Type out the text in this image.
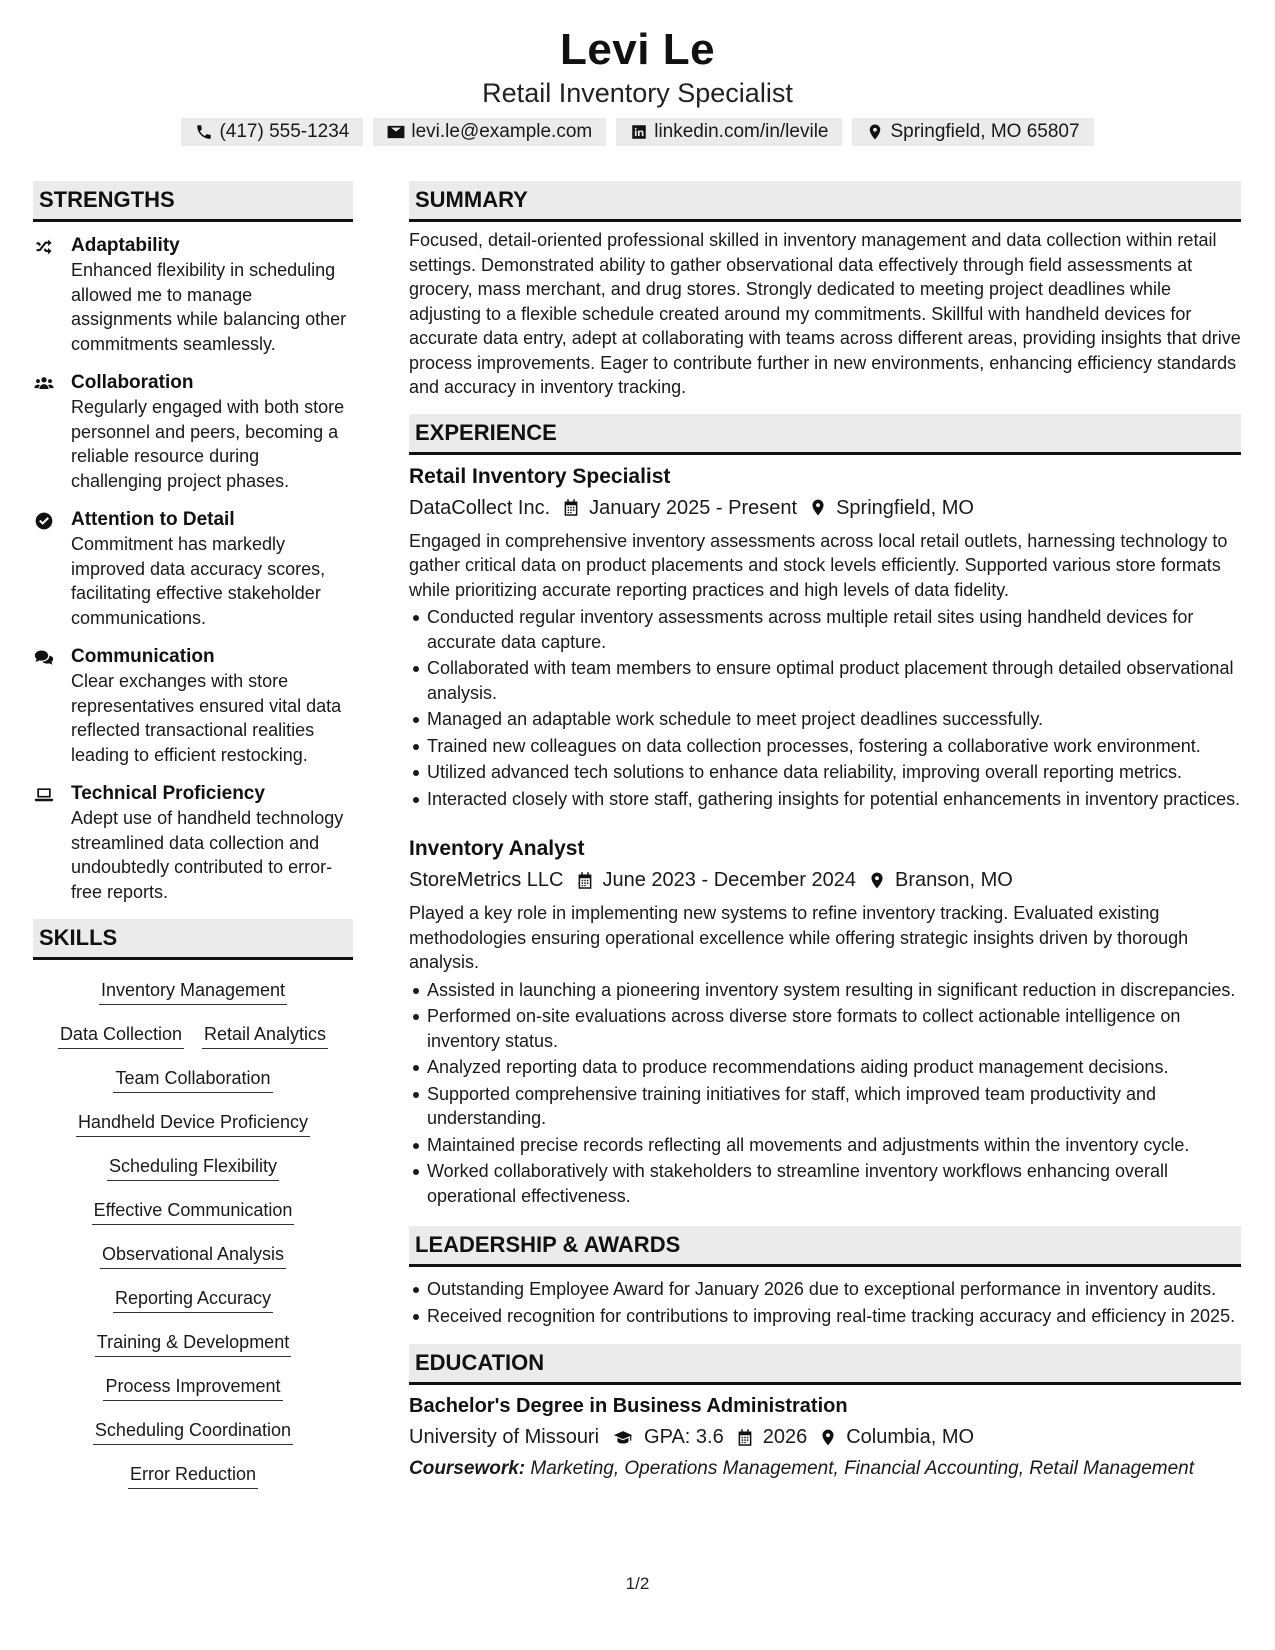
Levi Le
Retail Inventory Specialist
(417) 555-1234	levi.le@example.com	linkedin.com/in/levile	Springfield, MO 65807
STRENGTHS
Adaptability
Enhanced flexibility in scheduling allowed me to manage assignments while balancing other commitments seamlessly.
Collaboration
Regularly engaged with both store personnel and peers, becoming a reliable resource during challenging project phases.
Attention to Detail
Commitment has markedly improved data accuracy scores, facilitating effective stakeholder communications.
Communication
Clear exchanges with store representatives ensured vital data reflected transactional realities leading to efficient restocking.
Technical Proficiency
Adept use of handheld technology streamlined data collection and undoubtedly contributed to error-free reports.
SKILLS
Inventory Management
Data Collection Retail Analytics
Team Collaboration
Handheld Device Proficiency
Scheduling Flexibility
Effective Communication
Observational Analysis
Reporting Accuracy
Training & Development
Process Improvement
Scheduling Coordination
Error Reduction
SUMMARY
Focused, detail-oriented professional skilled in inventory management and data collection within retail settings. Demonstrated ability to gather observational data effectively through field assessments at grocery, mass merchant, and drug stores. Strongly dedicated to meeting project deadlines while adjusting to a flexible schedule created around my commitments. Skillful with handheld devices for accurate data entry, adept at collaborating with teams across different areas, providing insights that drive process improvements. Eager to contribute further in new environments, enhancing efficiency standards and accuracy in inventory tracking.
EXPERIENCE
Retail Inventory Specialist
DataCollect Inc. January 2025 - Present Springfield, MO
Engaged in comprehensive inventory assessments across local retail outlets, harnessing technology to gather critical data on product placements and stock levels efficiently. Supported various store formats while prioritizing accurate reporting practices and high levels of data fidelity.
Conducted regular inventory assessments across multiple retail sites using handheld devices for accurate data capture.
Collaborated with team members to ensure optimal product placement through detailed observational analysis.
Managed an adaptable work schedule to meet project deadlines successfully.
Trained new colleagues on data collection processes, fostering a collaborative work environment.
Utilized advanced tech solutions to enhance data reliability, improving overall reporting metrics.
Interacted closely with store staff, gathering insights for potential enhancements in inventory practices.
Inventory Analyst
StoreMetrics LLC June 2023 - December 2024 Branson, MO
Played a key role in implementing new systems to refine inventory tracking. Evaluated existing methodologies ensuring operational excellence while offering strategic insights driven by thorough analysis.
Assisted in launching a pioneering inventory system resulting in significant reduction in discrepancies.
Performed on-site evaluations across diverse store formats to collect actionable intelligence on inventory status.
Analyzed reporting data to produce recommendations aiding product management decisions.
Supported comprehensive training initiatives for staff, which improved team productivity and understanding.
Maintained precise records reflecting all movements and adjustments within the inventory cycle.
Worked collaboratively with stakeholders to streamline inventory workflows enhancing overall operational effectiveness.
LEADERSHIP & AWARDS
Outstanding Employee Award for January 2026 due to exceptional performance in inventory audits.
Received recognition for contributions to improving real-time tracking accuracy and efficiency in 2025.
EDUCATION
Bachelor's Degree in Business Administration
University of Missouri GPA: 3.6 2026 Columbia, MO
Coursework: Marketing, Operations Management, Financial Accounting, Retail Management
1/2
